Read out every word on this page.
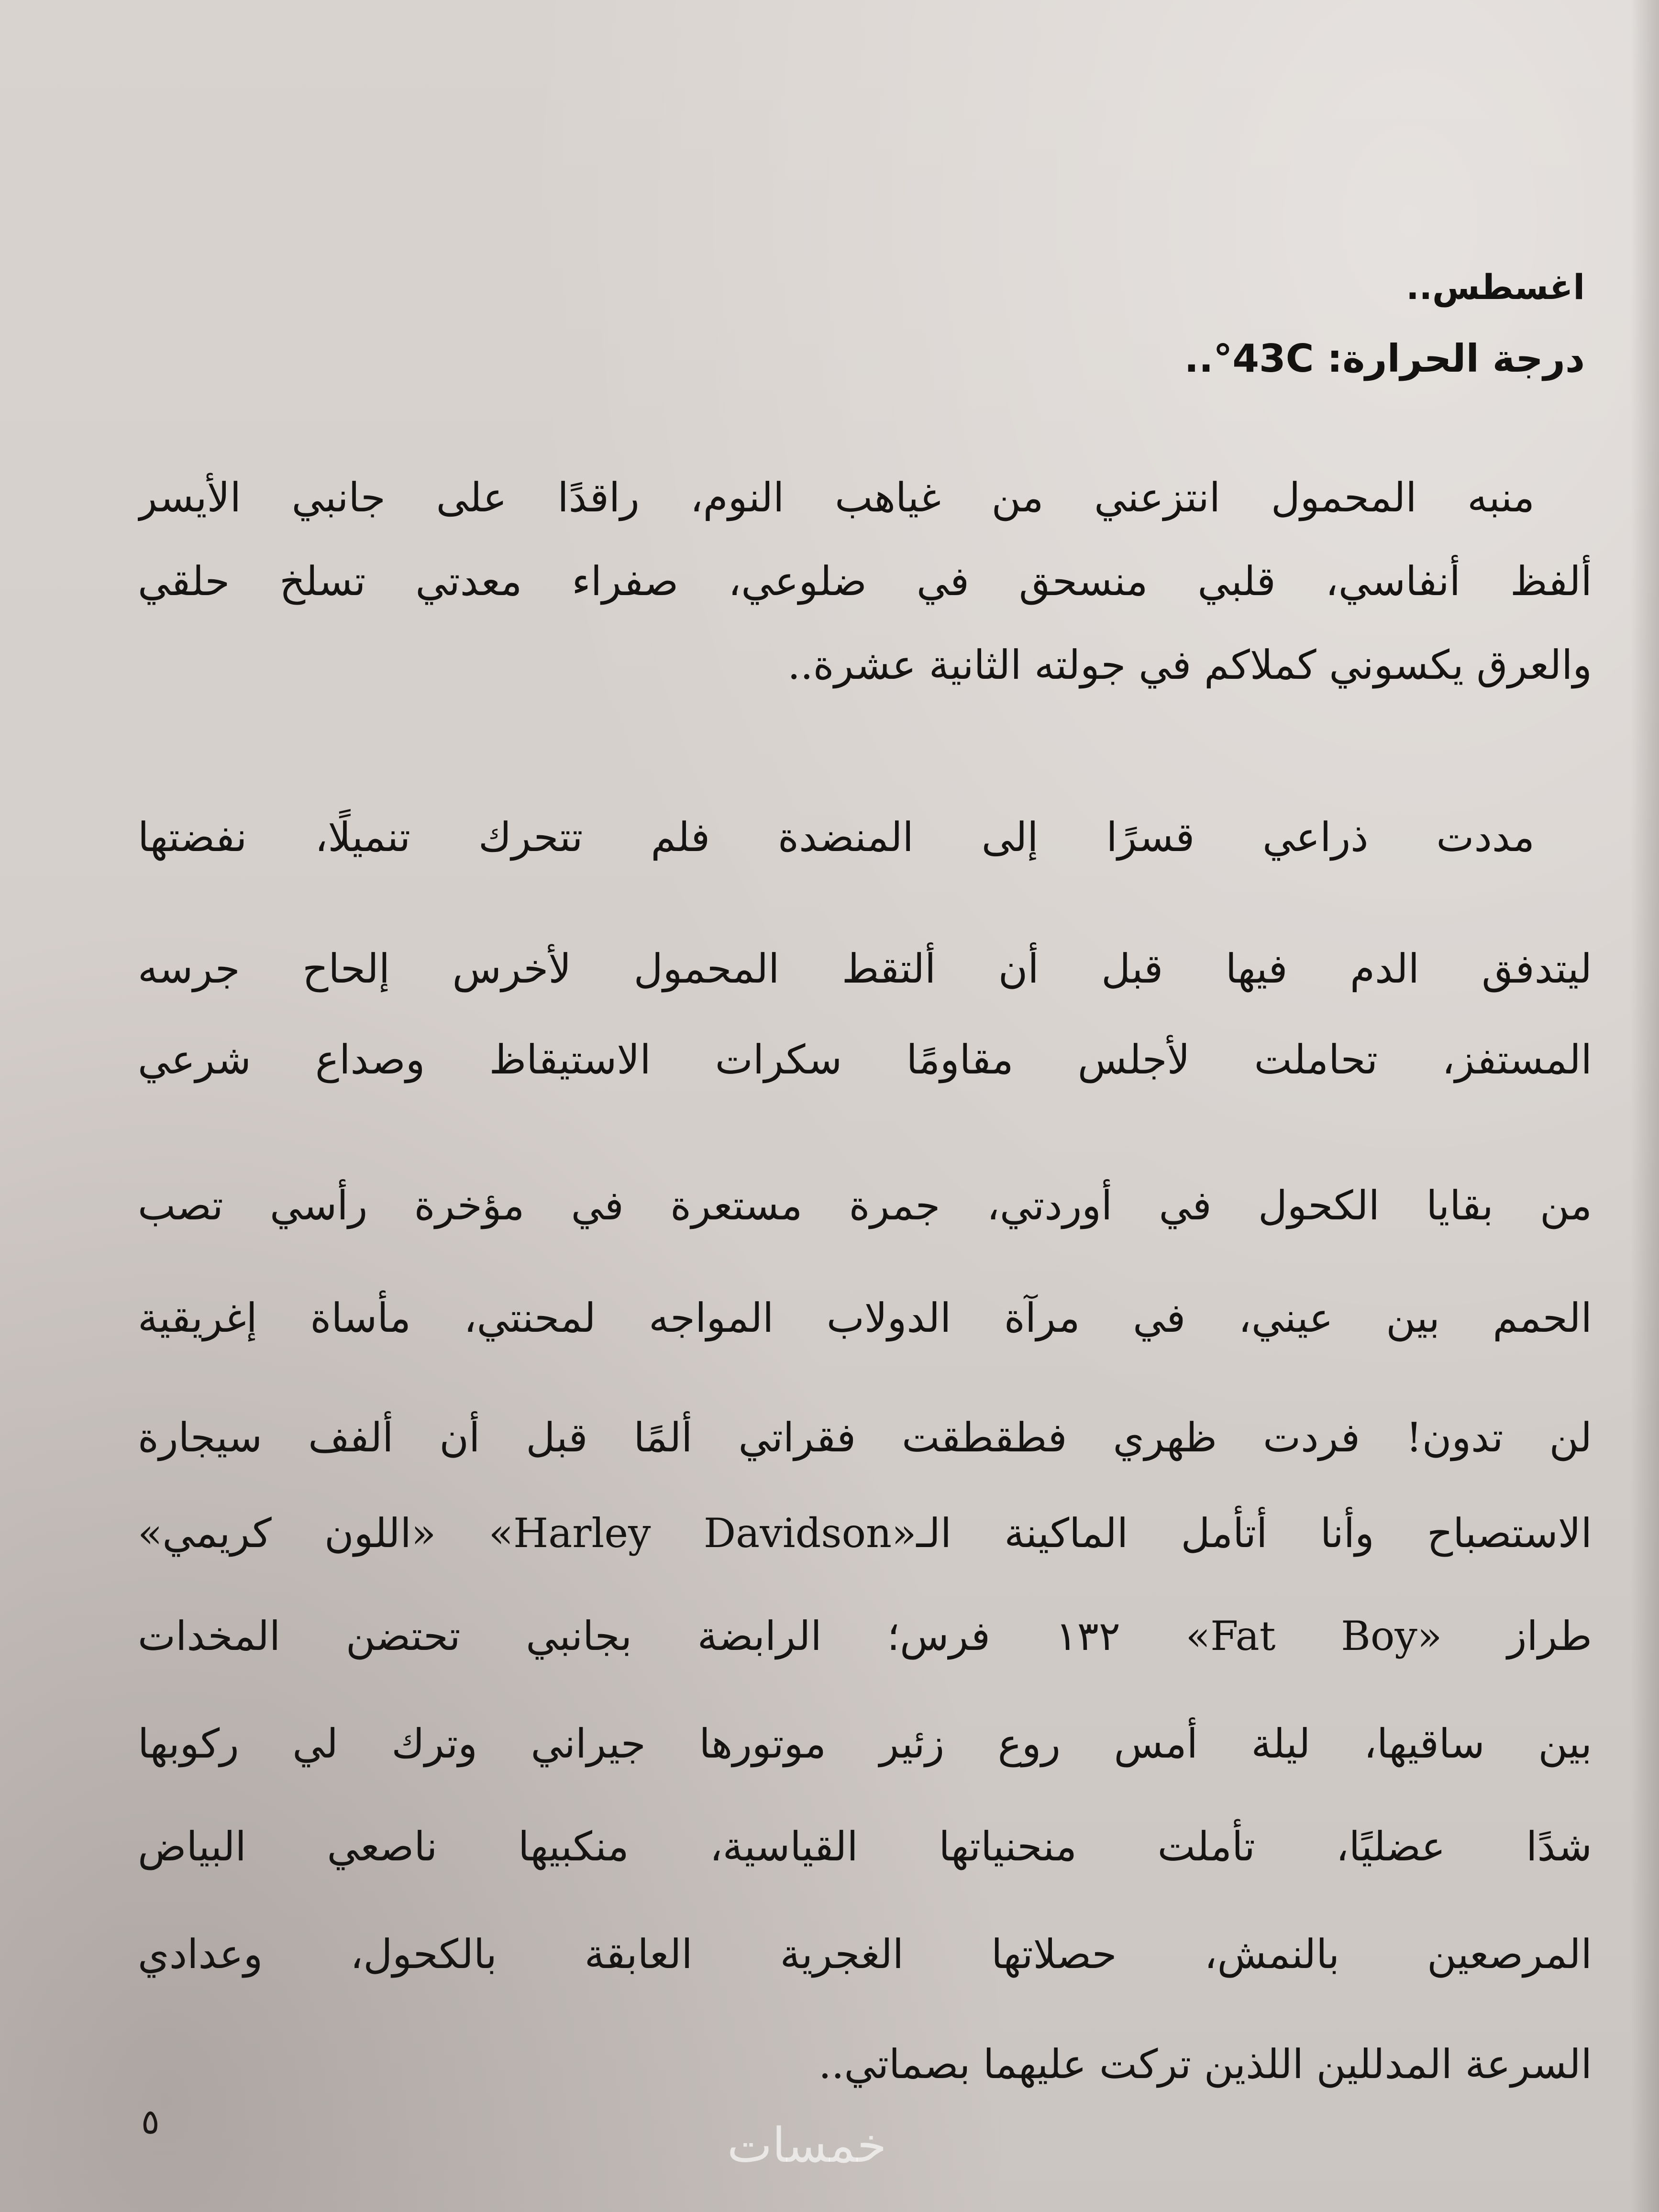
اغسطس..
درجة الحرارة: 43C°..
منبه المحمول انتزعني من غياهب النوم، راقدًا على جانبي الأيسر
ألفظ أنفاسي، قلبي منسحق في ضلوعي، صفراء معدتي تسلخ حلقي
والعرق يكسوني كملاكم في جولته الثانية عشرة..
مددت ذراعي قسرًا إلى المنضدة فلم تتحرك تنميلًا، نفضتها
ليتدفق الدم فيها قبل أن ألتقط المحمول لأخرس إلحاح جرسه
المستفز، تحاملت لأجلس مقاومًا سكرات الاستيقاظ وصداع شرعي
من بقايا الكحول في أوردتي، جمرة مستعرة في مؤخرة رأسي تصب
الحمم بين عيني، في مرآة الدولاب المواجه لمحنتي، مأساة إغريقية
لن تدون! فردت ظهري فطقطقت فقراتي ألمًا قبل أن ألفف سيجارة
الاستصباح وأنا أتأمل الماكينة الـ«Harley Davidson» «اللون كريمي»
طراز «Fat Boy» ١٣٢ فرس؛ الرابضة بجانبي تحتضن المخدات
بين ساقيها، ليلة أمس روع زئير موتورها جيراني وترك لي ركوبها
شدًا عضليًا، تأملت منحنياتها القياسية، منكبيها ناصعي البياض
المرصعين بالنمش، حصلاتها الغجرية العابقة بالكحول، وعدادي
السرعة المدللين اللذين تركت عليهما بصماتي..
٥	خمسات
